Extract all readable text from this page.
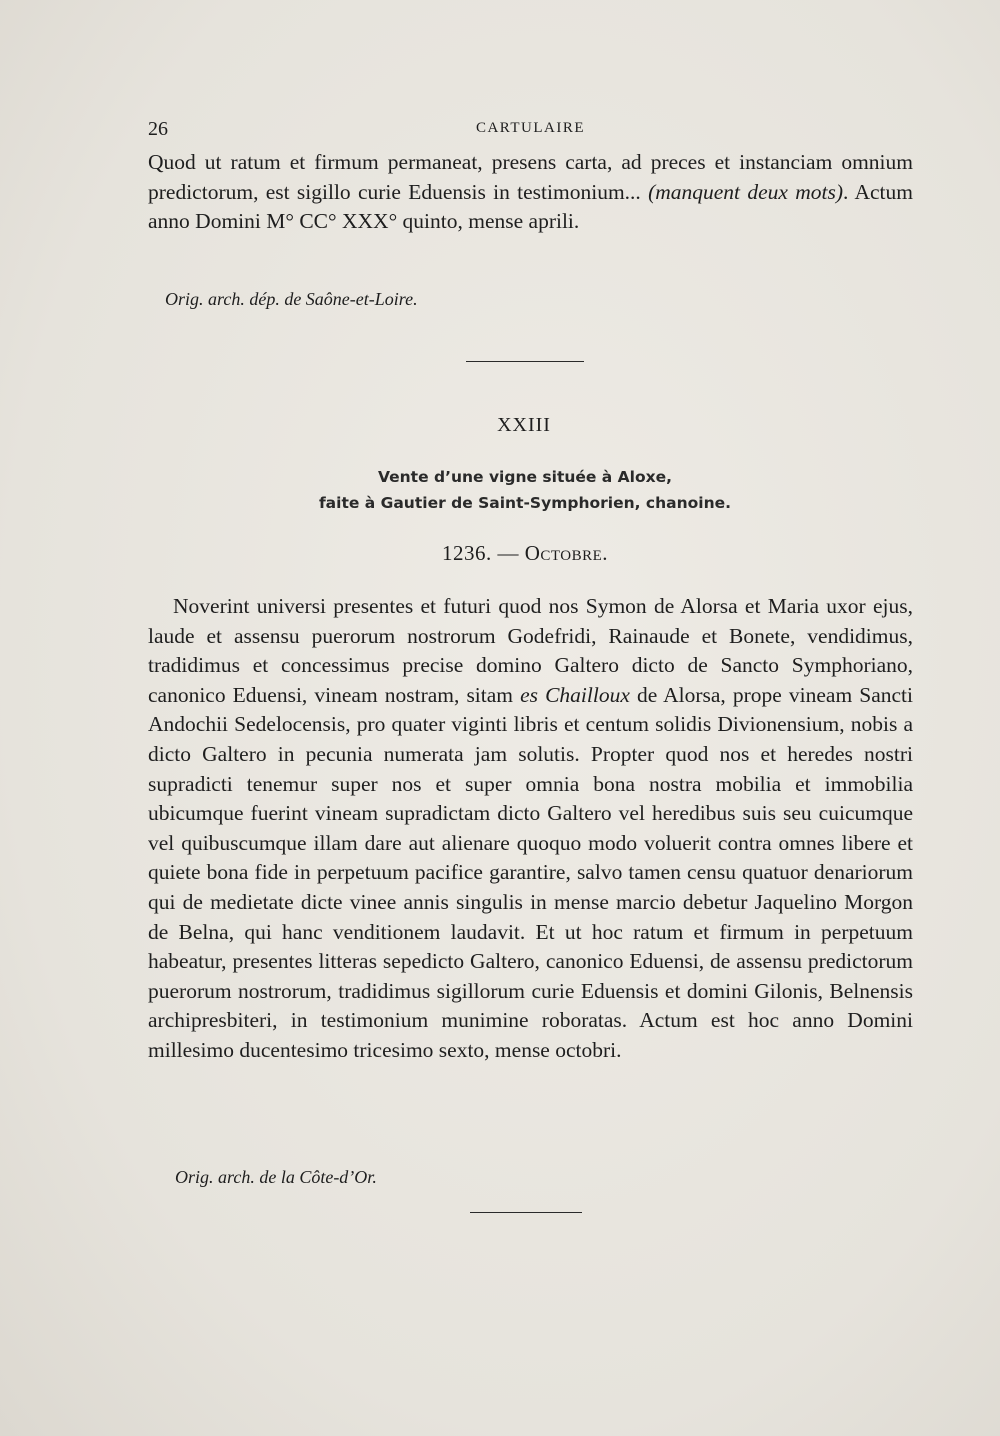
26	CARTULAIRE

Quod ut ratum et firmum permaneat, presens carta, ad preces et instanciam omnium predictorum, est sigillo curie Eduensis in testimonium... (manquent deux mots). Actum anno Domini M° CC° XXX° quinto, mense aprili.

Orig. arch. dép. de Saône-et-Loire.

XXIII
Vente d’une vigne située à Aloxe,
faite à Gautier de Saint-Symphorien, chanoine.
1236. — Octobre.

Noverint universi presentes et futuri quod nos Symon de Alorsa et Maria uxor ejus, laude et assensu puerorum nostrorum Godefridi, Rainaude et Bonete, vendidimus, tradidimus et concessimus precise domino Galtero dicto de Sancto Symphoriano, canonico Eduensi, vineam nostram, sitam es Chailloux de Alorsa, prope vineam Sancti Andochii Sedelocensis, pro quater viginti libris et centum solidis Divionensium, nobis a dicto Galtero in pecunia numerata jam solutis. Propter quod nos et heredes nostri supradicti tenemur super nos et super omnia bona nostra mobilia et immobilia ubicumque fuerint vineam supradictam dicto Galtero vel heredibus suis seu cuicumque vel quibuscumque illam dare aut alienare quoquo modo voluerit contra omnes libere et quiete bona fide in perpetuum pacifice garantire, salvo tamen censu quatuor denariorum qui de medietate dicte vinee annis singulis in mense marcio debetur Jaquelino Morgon de Belna, qui hanc venditionem laudavit. Et ut hoc ratum et firmum in perpetuum habeatur, presentes litteras sepedicto Galtero, canonico Eduensi, de assensu predictorum puerorum nostrorum, tradidimus sigillorum curie Eduensis et domini Gilonis, Belnensis archipresbiteri, in testimonium munimine roboratas. Actum est hoc anno Domini millesimo ducentesimo tricesimo sexto, mense octobri.

Orig. arch. de la Côte-d’Or.
